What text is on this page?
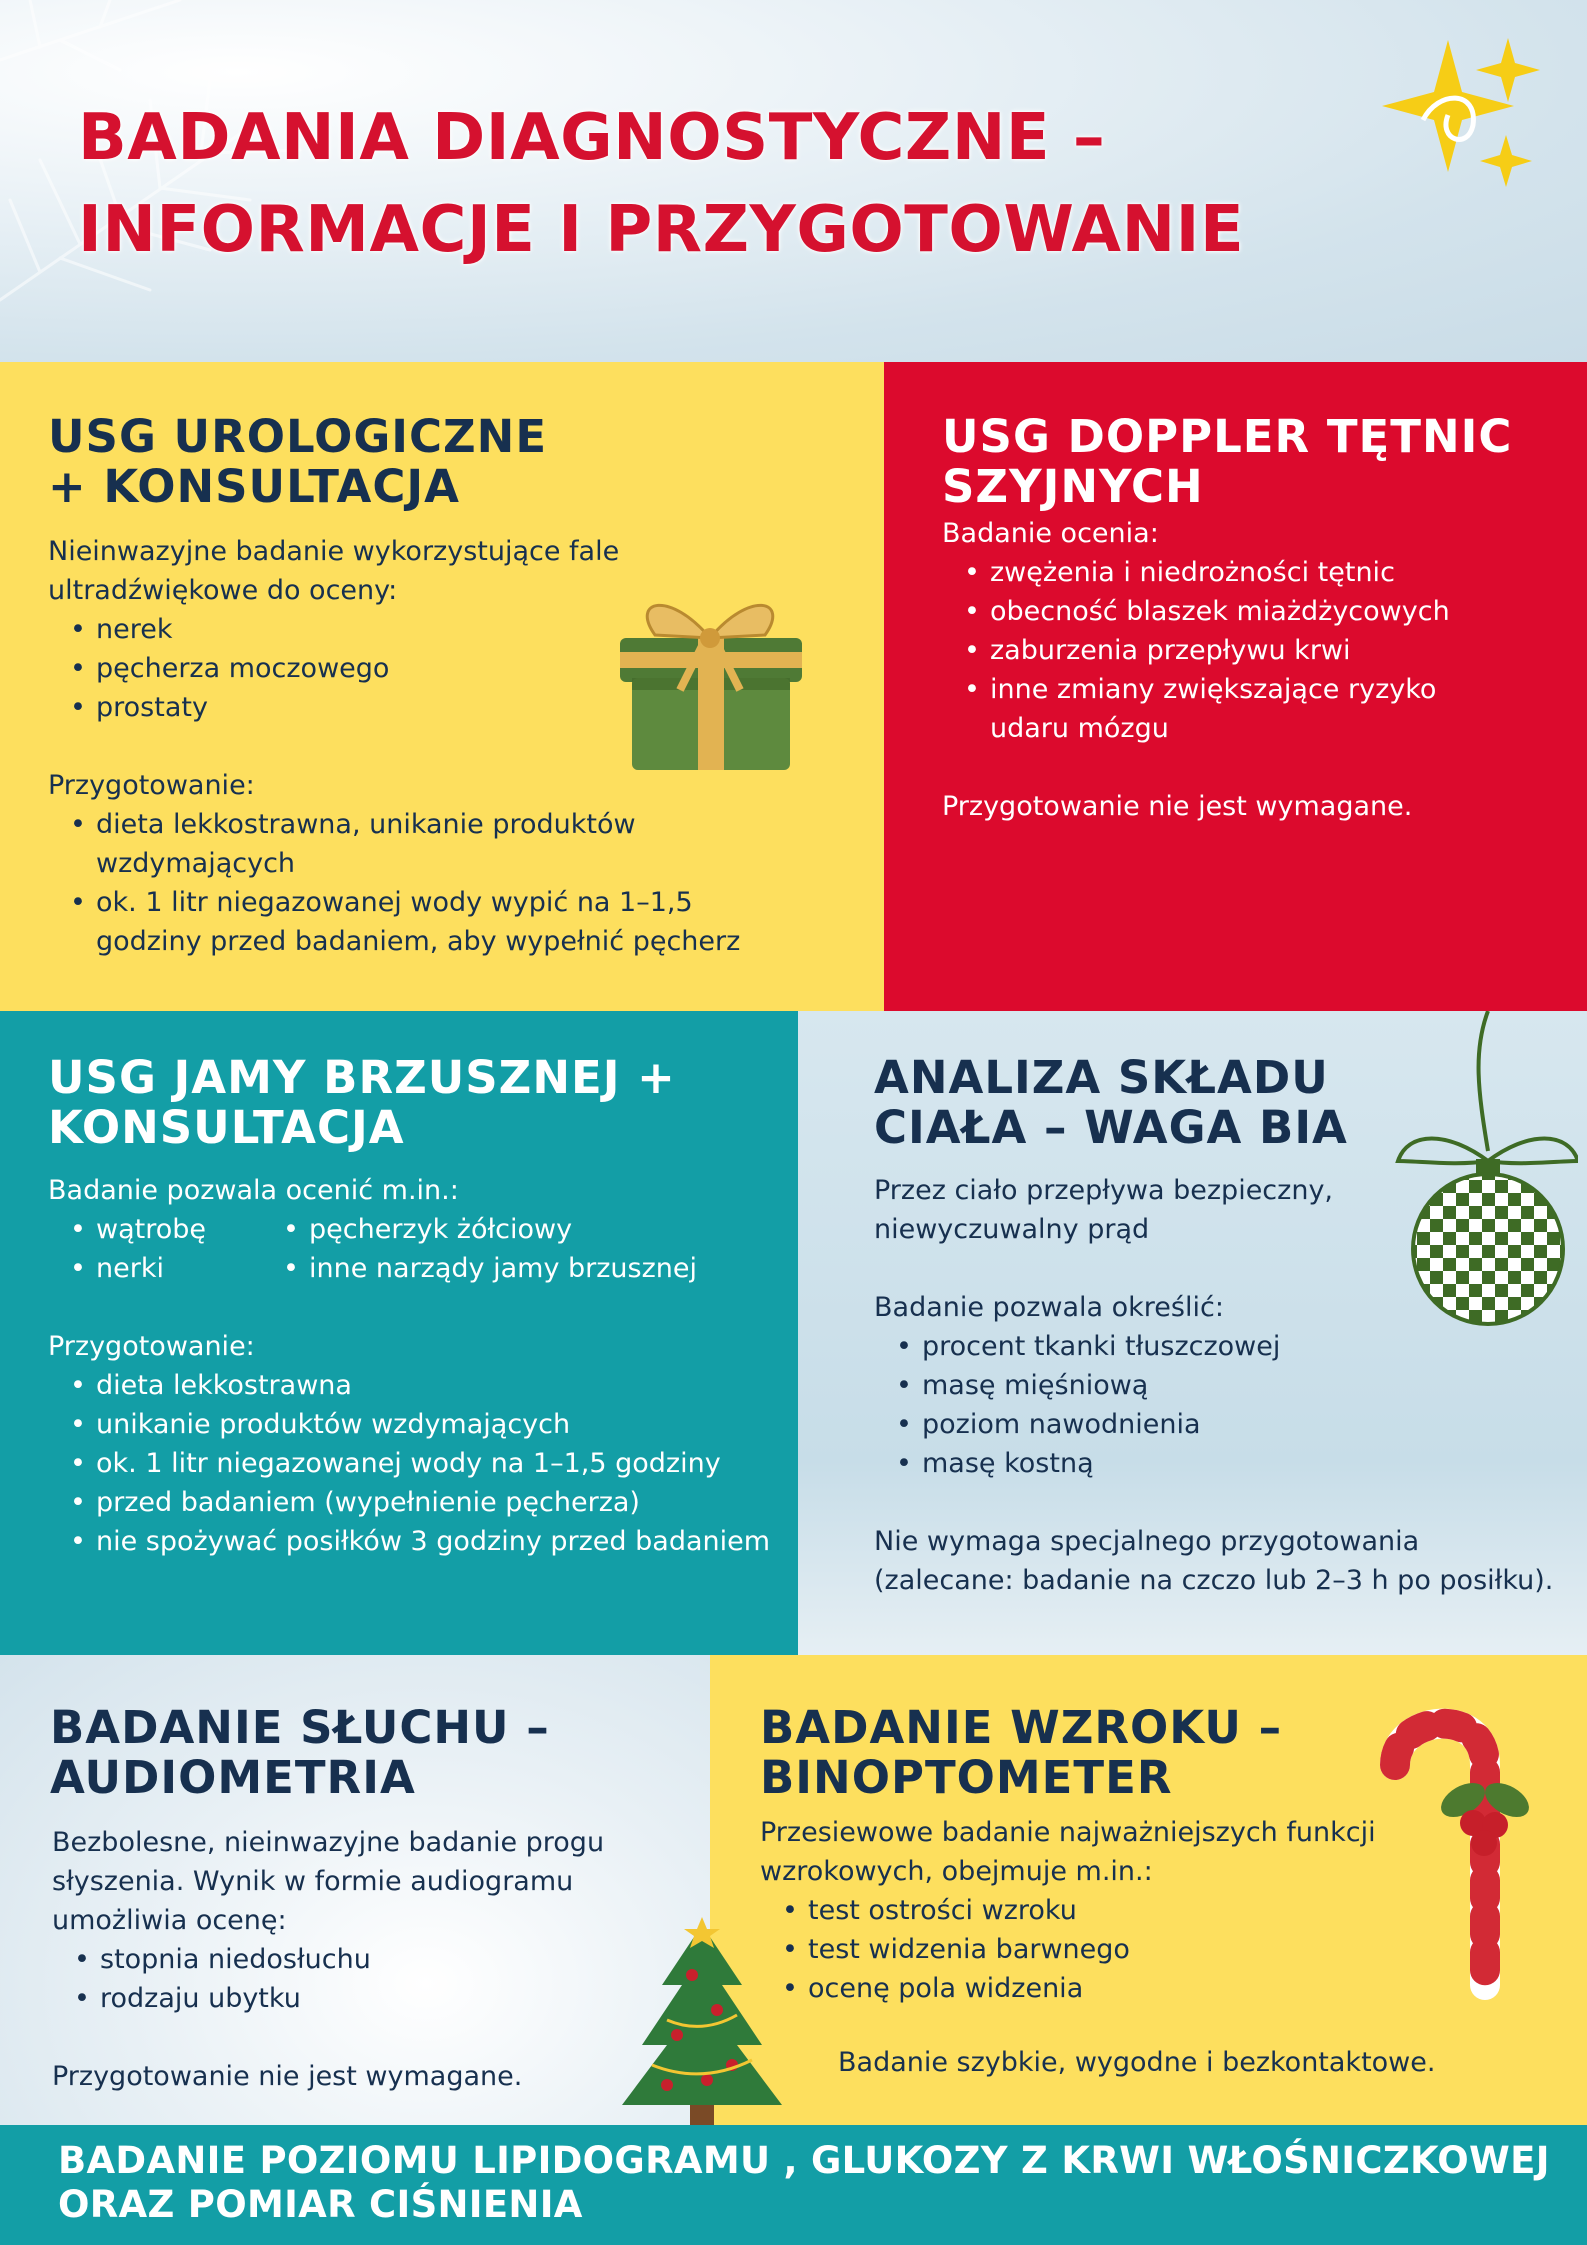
BADANIA DIAGNOSTYCZNE –
INFORMACJE I PRZYGOTOWANIE
USG UROLOGICZNE
+ KONSULTACJA

Nieinwazyjne badanie wykorzystujące fale

ultradźwiękowe do oceny:

• nerek
• pęcherza moczowego
• prostaty

Przygotowanie:

• dieta lekkostrawna, unikanie produktów
wzdymających
• ok. 1 litr niegazowanej wody wypić na 1–1,5
godziny przed badaniem, aby wypełnić pęcherz
USG DOPPLER TĘTNIC
SZYJNYCH

Badanie ocenia:

• zwężenia i niedrożności tętnic
• obecność blaszek miażdżycowych
• zaburzenia przepływu krwi
• inne zmiany zwiększające ryzyko
udaru mózgu

Przygotowanie nie jest wymagane.

USG JAMY BRZUSZNEJ +
KONSULTACJA

Badanie pozwala ocenić m.in.:

• wątrobę
• nerki
• pęcherzyk żółciowy
• inne narządy jamy brzusznej

Przygotowanie:

• dieta lekkostrawna
• unikanie produktów wzdymających
• ok. 1 litr niegazowanej wody na 1–1,5 godziny
• przed badaniem (wypełnienie pęcherza)
• nie spożywać posiłków 3 godziny przed badaniem
ANALIZA SKŁADU
CIAŁA – WAGA BIA

Przez ciało przepływa bezpieczny,

niewyczuwalny prąd

Badanie pozwala określić:

• procent tkanki tłuszczowej
• masę mięśniową
• poziom nawodnienia
• masę kostną

Nie wymaga specjalnego przygotowania

(zalecane: badanie na czczo lub 2–3 h po posiłku).

BADANIE SŁUCHU –
AUDIOMETRIA

Bezbolesne, nieinwazyjne badanie progu

słyszenia. Wynik w formie audiogramu

umożliwia ocenę:

• stopnia niedosłuchu
• rodzaju ubytku

Przygotowanie nie jest wymagane.

BADANIE WZROKU –
BINOPTOMETER

Przesiewowe badanie najważniejszych funkcji

wzrokowych, obejmuje m.in.:

• test ostrości wzroku
• test widzenia barwnego
• ocenę pola widzenia

Badanie szybkie, wygodne i bezkontaktowe.

BADANIE POZIOMU LIPIDOGRAMU , GLUKOZY Z KRWI WŁOŚNICZKOWEJ
ORAZ POMIAR CIŚNIENIA
